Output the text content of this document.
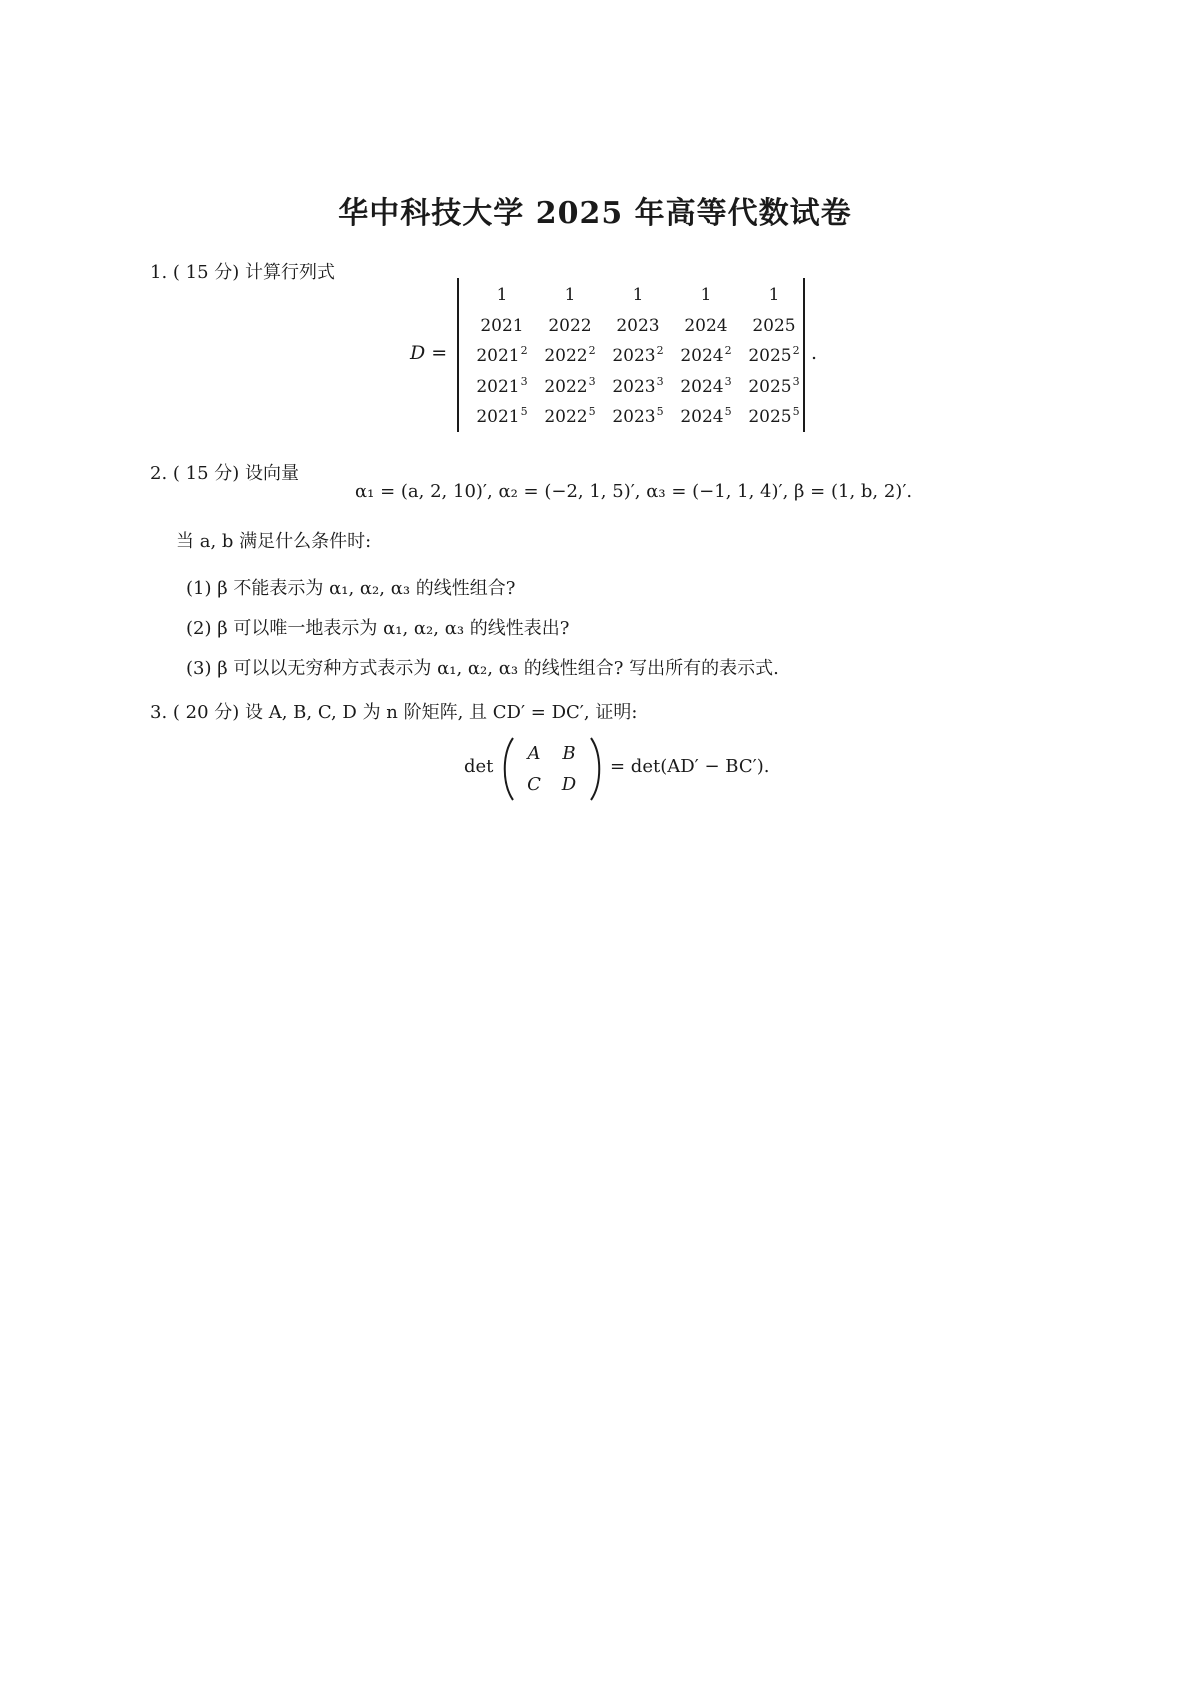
华中科技大学 2025 年高等代数试卷
1. ( 15 分) 计算行列式
D =
1	1	1	1	1
2021	2022	2023	2024	2025
2021$^2$ 2022$^2$ 2023$^2$ 2024$^2$ 2025$^2$
2021$^3$ 2022$^3$ 2023$^3$ 2024$^3$ 2025$^3$
2021$^5$ 2022$^5$ 2023$^5$ 2024$^5$ 2025$^5$
.
2. ( 15 分) 设向量
α₁ = (a, 2, 10)′, α₂ = (−2, 1, 5)′, α₃ = (−1, 1, 4)′, β = (1, b, 2)′.
当 a, b 满足什么条件时:
(1) β 不能表示为 α₁, α₂, α₃ 的线性组合?
(2) β 可以唯一地表示为 α₁, α₂, α₃ 的线性表出?
(3) β 可以以无穷种方式表示为 α₁, α₂, α₃ 的线性组合? 写出所有的表示式.
3. ( 20 分) 设 A, B, C, D 为 n 阶矩阵, 且 CD′ = DC′, 证明:
det
A	B
C	D
= det(AD′ − BC′).
